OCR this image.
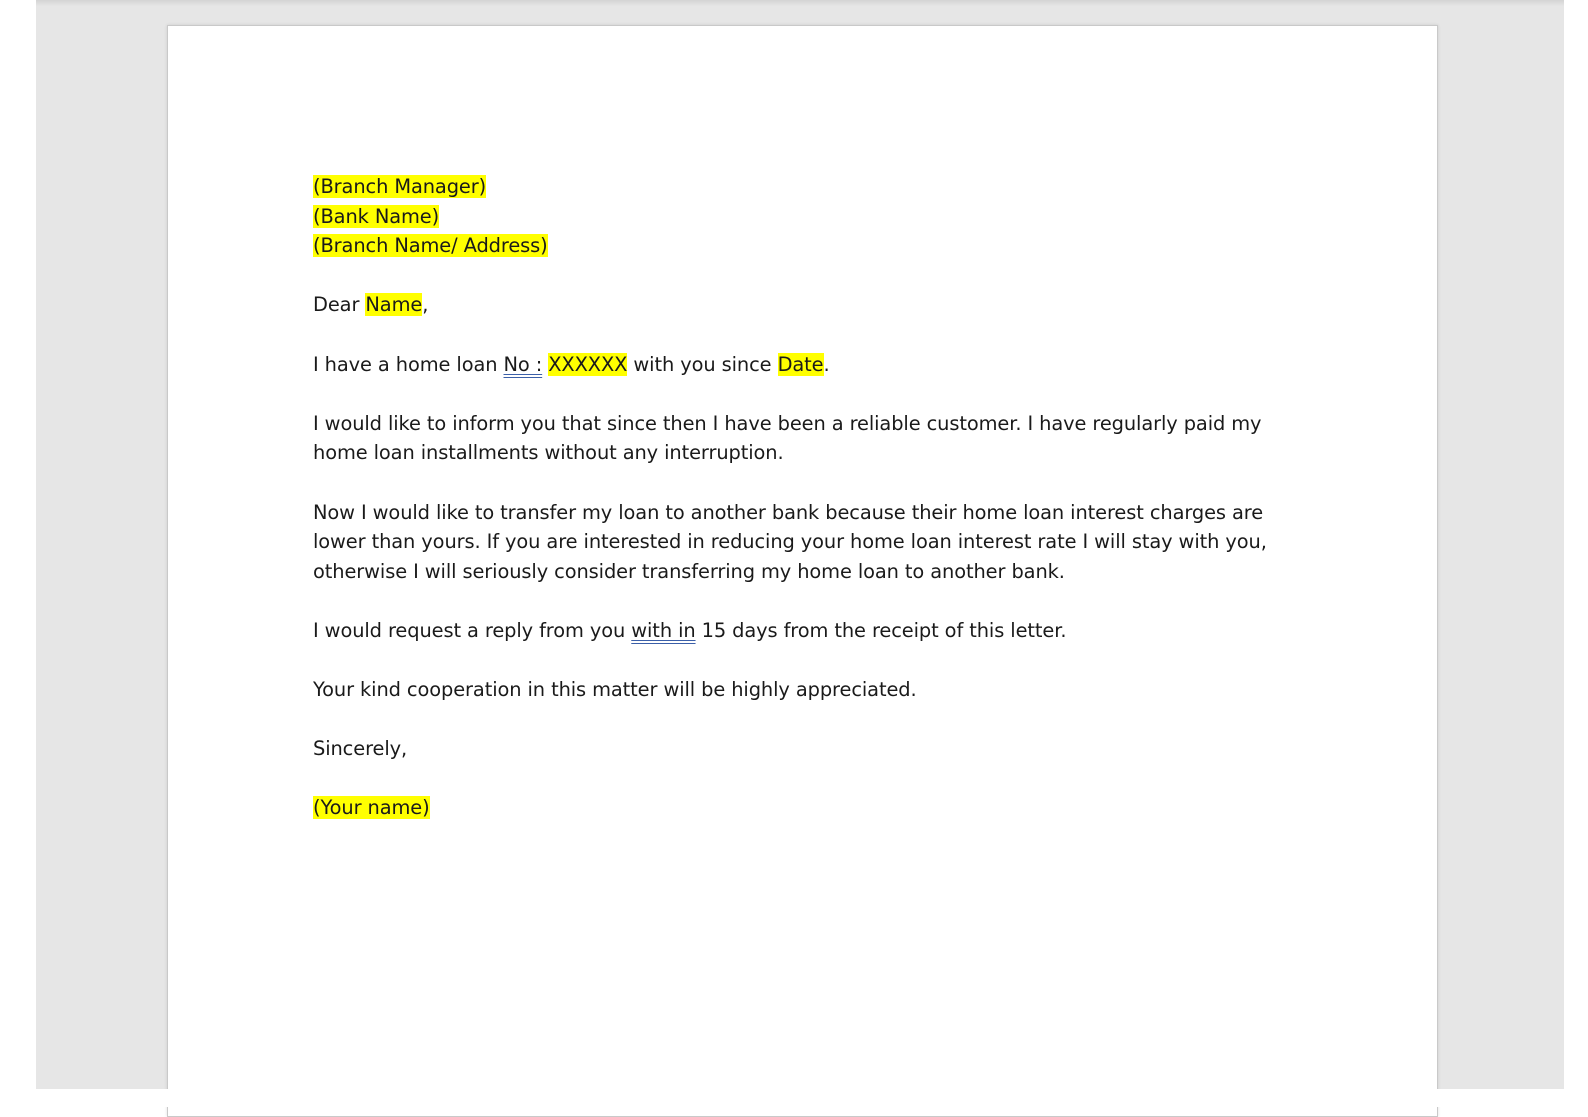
(Branch Manager)
(Bank Name)
(Branch Name/ Address)

Dear Name,

I have a home loan No : XXXXXX with you since Date.

I would like to inform you that since then I have been a reliable customer. I have regularly paid my home loan installments without any interruption.

Now I would like to transfer my loan to another bank because their home loan interest charges are lower than yours. If you are interested in reducing your home loan interest rate I will stay with you, otherwise I will seriously consider transferring my home loan to another bank.

I would request a reply from you with in 15 days from the receipt of this letter.

Your kind cooperation in this matter will be highly appreciated.

Sincerely,

(Your name)
